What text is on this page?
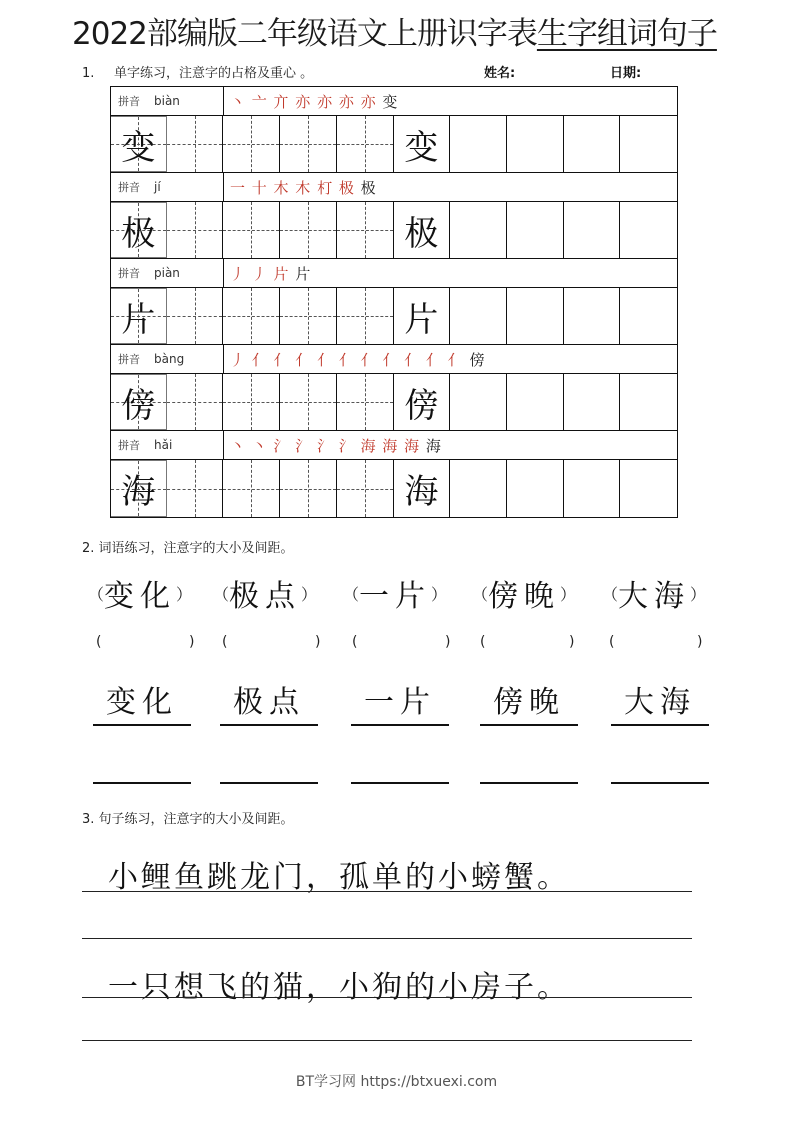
2022部编版二年级语文上册识字表生字组词句子
1. 单字练习，注意字的占格及重心 。	姓名:	日期:
拼音 biàn	丶 亠 亣 亦 亦 亦 亦 变
变	变
拼音 jí	一 十 木 木 朾 极 极
极	极
拼音 piàn	丿 丿 片 片
片	片
拼音 bàng	丿 亻 亻 亻 亻 亻 亻 亻 亻 亻 亻 傍
傍	傍
拼音 hǎi	丶 丶 氵 氵 氵 氵 海 海 海 海
海	海
2. 词语练习，注意字的大小及间距。
（变化） （极点） （一片） （傍晚） （大海）
(	) (	) (	) (	) (	)
变化	极点	一片	傍晚	大海
3. 句子练习，注意字的大小及间距。
小鲤鱼跳龙门，孤单的小螃蟹。
一只想飞的猫，小狗的小房子。
BT学习网 https://btxuexi.com
